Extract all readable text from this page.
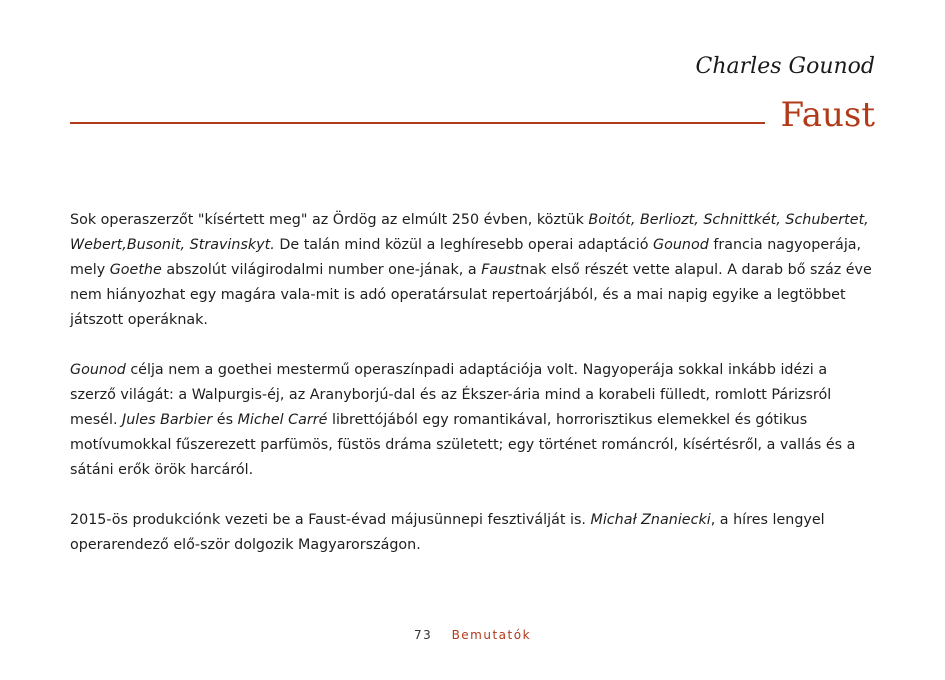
Charles Gounod
Faust

Sok operaszerzőt "kísértett meg" az Ördög az elmúlt 250 évben, köztük Boitót, Berliozt, Schnittkét, Schubertet, Webert,Busonit, Stravinskyt. De talán mind közül a leghíresebb operai adaptáció Gounod francia nagyoperája, mely Goethe abszolút világirodalmi number one-jának, a Faustnak első részét vette alapul. A darab bő száz éve nem hiányozhat egy magára vala-mit is adó operatársulat repertoárjából, és a mai napig egyike a legtöbbet játszott operáknak.

Gounod célja nem a goethei mestermű operaszínpadi adaptációja volt. Nagyoperája sokkal inkább idézi a szerző világát: a Walpurgis-éj, az Aranyborjú-dal és az Ékszer-ária mind a korabeli fülledt, romlott Párizsról mesél. Jules Barbier és Michel Carré librettójából egy romantikával, horrorisztikus elemekkel és gótikus motívumokkal fűszerezett parfümös, füstös dráma született; egy történet románcról, kísértésről, a vallás és a sátáni erők örök harcáról.

2015-ös produkciónk vezeti be a Faust-évad májusünnepi fesztiválját is. Michał Znaniecki, a híres lengyel operarendező elő-ször dolgozik Magyarországon.

73 Bemutatók
